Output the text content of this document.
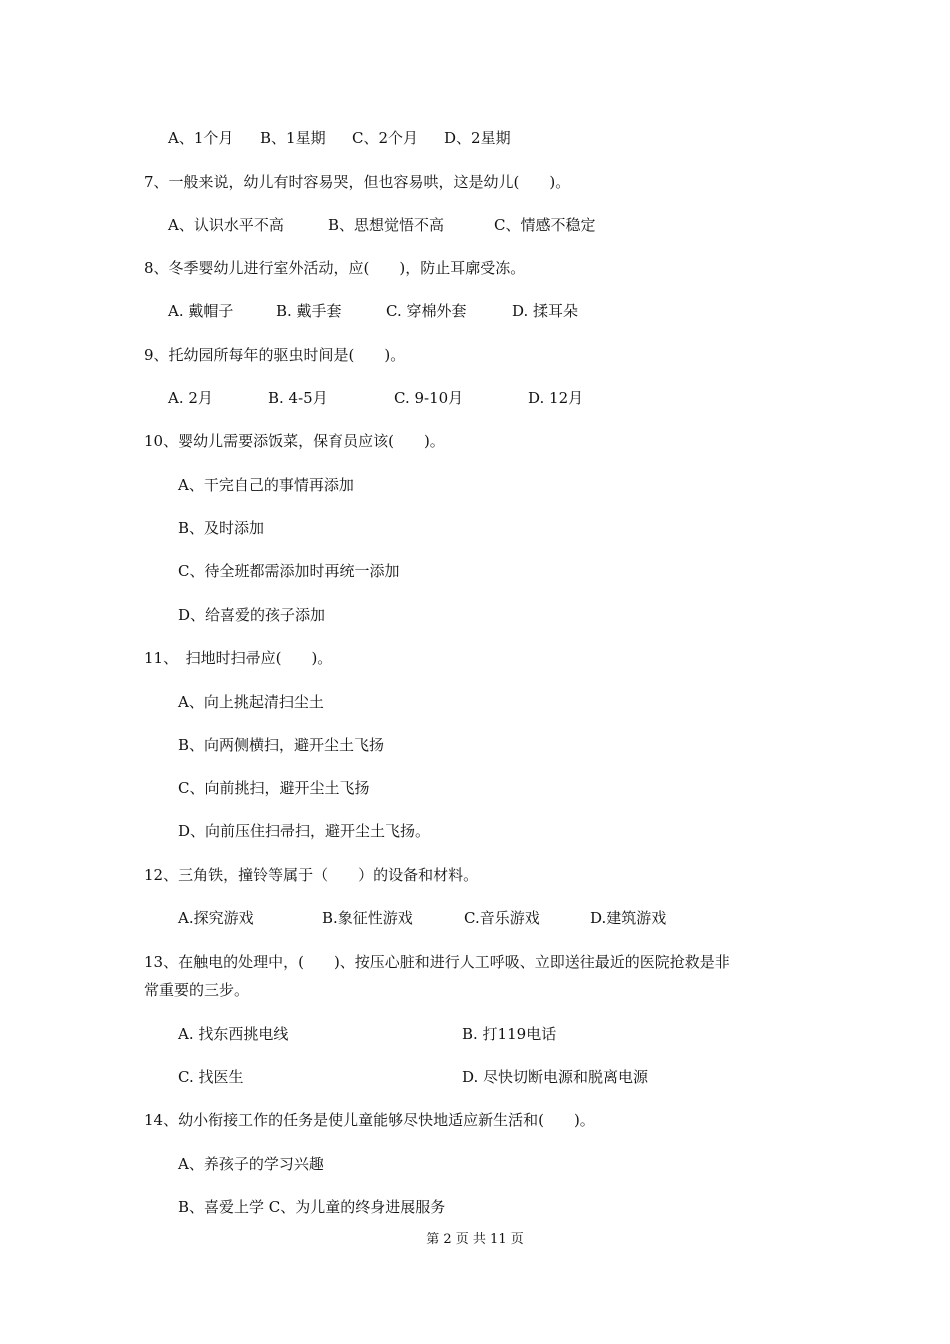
A、1个月 B、1星期 C、2个月 D、2星期
7、一般来说，幼儿有时容易哭，但也容易哄，这是幼儿(　　)。
A、认识水平不高	B、思想觉悟不高	C、情感不稳定
8、冬季婴幼儿进行室外活动，应(　　)，防止耳廓受冻。
A. 戴帽子	B. 戴手套	C. 穿棉外套	D. 揉耳朵
9、托幼园所每年的驱虫时间是(　　)。
A. 2月	B. 4-5月	C. 9-10月	D. 12月
10、婴幼儿需要添饭菜，保育员应该(　　)。
A、干完自己的事情再添加
B、及时添加
C、待全班都需添加时再统一添加
D、给喜爱的孩子添加
11、　扫地时扫帚应(　　)。
A、向上挑起清扫尘土
B、向两侧横扫，避开尘土飞扬
C、向前挑扫，避开尘土飞扬
D、向前压住扫帚扫，避开尘土飞扬。
12、三角铁，撞铃等属于（　　）的设备和材料。
A.探究游戏	B.象征性游戏	C.音乐游戏	D.建筑游戏
13、在触电的处理中，(　　)、按压心脏和进行人工呼吸、立即送往最近的医院抢救是非
常重要的三步。
A. 找东西挑电线	B. 打119电话
C. 找医生	D. 尽快切断电源和脱离电源
14、幼小衔接工作的任务是使儿童能够尽快地适应新生活和(　　)。
A、养孩子的学习兴趣
B、喜爱上学 C、为儿童的终身进展服务
第 2 页 共 11 页
